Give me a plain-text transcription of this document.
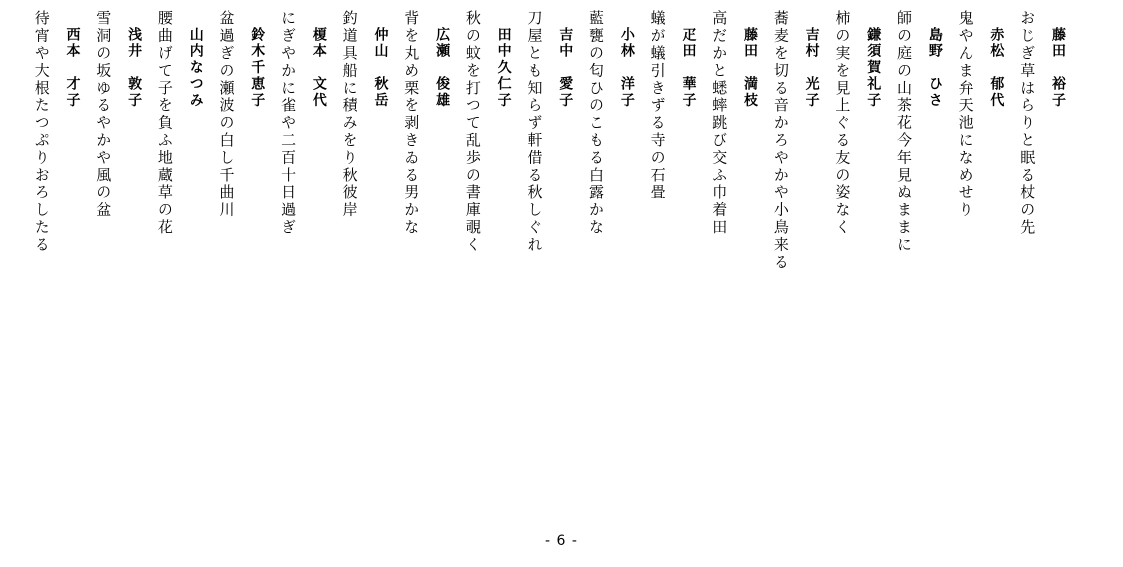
藤田　裕子
おじぎ草はらりと眠る杖の先
赤松　郁代
鬼やんま弁天池になめせり
島野　ひさ
師の庭の山茶花今年見ぬままに
鎌須賀礼子
柿の実を見上ぐる友の姿なく
吉村　光子
蕎麦を切る音かろやかや小鳥来る
藤田　満枝
高だかと蟋蟀跳び交ふ巾着田
疋田　華子
蟻が蟻引きずる寺の石畳
小林　洋子
藍甕の匂ひのこもる白露かな
吉中　愛子
刀屋とも知らず軒借る秋しぐれ
田中久仁子
秋の蚊を打つて乱歩の書庫覗く
広瀬　俊雄
背を丸め栗を剥きゐる男かな
仲山　秋岳
釣道具船に積みをり秋彼岸
榎本　文代
にぎやかに雀や二百十日過ぎ
鈴木千恵子
盆過ぎの瀬波の白し千曲川
山内なつみ
腰曲げて子を負ふ地蔵草の花
浅井　敦子
雪洞の坂ゆるやかや風の盆
西本　才子
待宵や大根たつぷりおろしたる
- 6 -
